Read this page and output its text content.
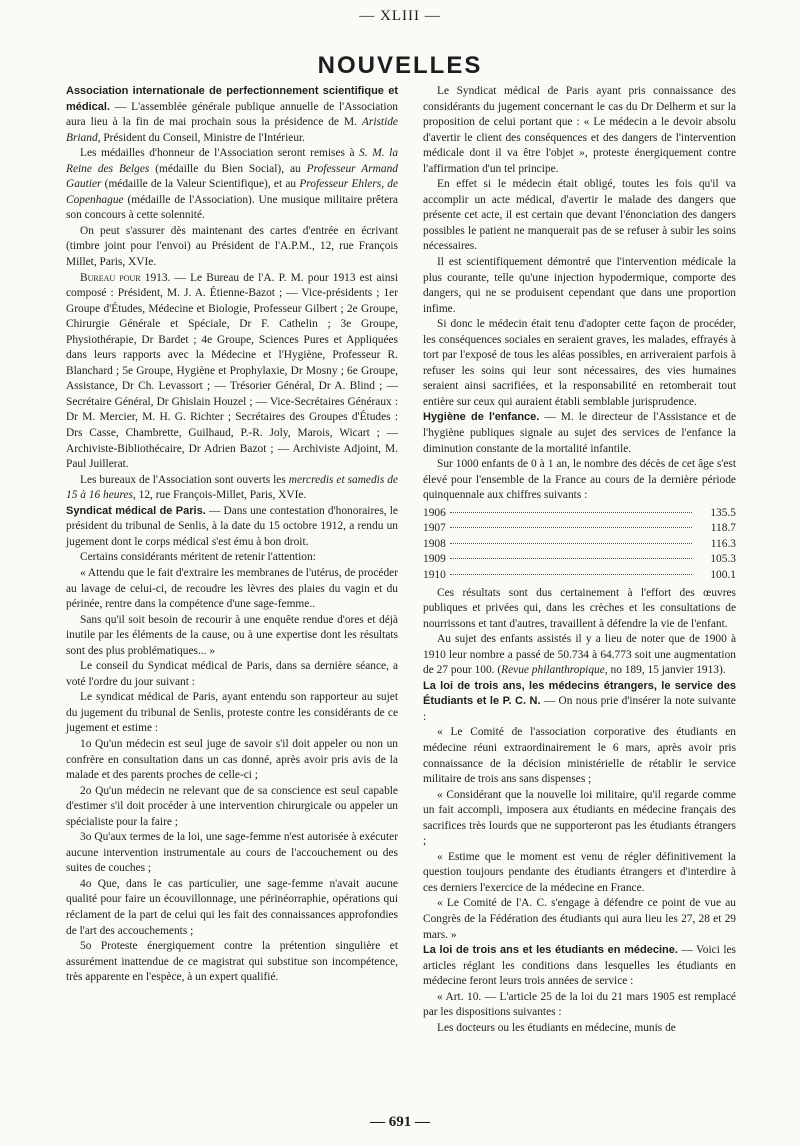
— XLIII —
NOUVELLES

Association internationale de perfectionnement scientifique et médical. — L'assemblée générale publique annuelle de l'Association aura lieu à la fin de mai prochain sous la présidence de M. Aristide Briand, Président du Conseil, Ministre de l'Intérieur.

Les médailles d'honneur de l'Association seront remises à S. M. la Reine des Belges (médaille du Bien Social), au Professeur Armand Gautier (médaille de la Valeur Scientifique), et au Professeur Ehlers, de Copenhague (médaille de l'Association). Une musique militaire prêtera son concours à cette solennité.

On peut s'assurer dès maintenant des cartes d'entrée en écrivant (timbre joint pour l'envoi) au Président de l'A.P.M., 12, rue François Millet, Paris, XVIe.

Bureau pour 1913. — Le Bureau de l'A. P. M. pour 1913 est ainsi composé : Président, M. J. A. Étienne-Bazot ; — Vice-présidents ; 1er Groupe d'Études, Médecine et Biologie, Professeur Gilbert ; 2e Groupe, Chirurgie Générale et Spéciale, Dr F. Cathelin ; 3e Groupe, Physiothérapie, Dr Bardet ; 4e Groupe, Sciences Pures et Appliquées dans leurs rapports avec la Médecine et l'Hygiène, Professeur R. Blanchard ; 5e Groupe, Hygiène et Prophylaxie, Dr Mosny ; 6e Groupe, Assistance, Dr Ch. Levassort ; — Trésorier Général, Dr A. Blind ; — Secrétaire Général, Dr Ghislain Houzel ; — Vice-Secrétaires Généraux : Dr M. Mercier, M. H. G. Richter ; Secrétaires des Groupes d'Études : Drs Casse, Chambrette, Guilhaud, P.-R. Joly, Marois, Wicart ; — Archiviste-Bibliothécaire, Dr Adrien Bazot ; — Archiviste Adjoint, M. Paul Juillerat.

Les bureaux de l'Association sont ouverts les mercredis et samedis de 15 à 16 heures, 12, rue François-Millet, Paris, XVIe.

Syndicat médical de Paris. — Dans une contestation d'honoraires, le président du tribunal de Senlis, à la date du 15 octobre 1912, a rendu un jugement dont le corps médical s'est ému à bon droit.

Certains considérants méritent de retenir l'attention:

« Attendu que le fait d'extraire les membranes de l'utérus, de procéder au lavage de celui-ci, de recoudre les lèvres des plaies du vagin et du périnée, rentre dans la compétence d'une sage-femme..

Sans qu'il soit besoin de recourir à une enquête rendue d'ores et déjà inutile par les éléments de la cause, ou à une expertise dont les résultats sont des plus problématiques... »

Le conseil du Syndicat médical de Paris, dans sa dernière séance, a voté l'ordre du jour suivant :

Le syndicat médical de Paris, ayant entendu son rapporteur au sujet du jugement du tribunal de Senlis, proteste contre les considérants de ce jugement et estime :

1o Qu'un médecin est seul juge de savoir s'il doit appeler ou non un confrère en consultation dans un cas donné, après avoir pris avis de la malade et des parents proches de celle-ci ;

2o Qu'un médecin ne relevant que de sa conscience est seul capable d'estimer s'il doit procéder à une intervention chirurgicale ou appeler un spécialiste pour la faire ;

3o Qu'aux termes de la loi, une sage-femme n'est autorisée à exécuter aucune intervention instrumentale au cours de l'accouchement ou des suites de couches ;

4o Que, dans le cas particulier, une sage-femme n'avait aucune qualité pour faire un écouvillonnage, une périnéorraphie, opérations qui réclament de la part de celui qui les fait des connaissances approfondies de l'art des accouchements ;

5o Proteste énergiquement contre la prétention singulière et assurément inattendue de ce magistrat qui substitue son incompétence, très apparente en l'espèce, à un expert qualifié.

Le Syndicat médical de Paris ayant pris connaissance des considérants du jugement concernant le cas du Dr Delherm et sur la proposition de celui portant que : « Le médecin a le devoir absolu d'avertir le client des conséquences et des dangers de l'intervention médicale dont il va être l'objet », proteste énergiquement contre l'affirmation d'un tel principe.

En effet si le médecin était obligé, toutes les fois qu'il va accomplir un acte médical, d'avertir le malade des dangers que présente cet acte, il est certain que devant l'énonciation des dangers possibles le patient ne manquerait pas de se refuser à subir les soins nécessaires.

Il est scientifiquement démontré que l'intervention médicale la plus courante, telle qu'une injection hypodermique, comporte des dangers, qui ne se produisent cependant que dans une proportion infime.

Si donc le médecin était tenu d'adopter cette façon de procéder, les conséquences sociales en seraient graves, les malades, effrayés à tort par l'exposé de tous les aléas possibles, en arriveraient parfois à refuser les soins qui leur sont nécessaires, des vies humaines seraient ainsi sacrifiées, et la responsabilité en retomberait tout entière sur ceux qui auraient établi semblable jurisprudence.

Hygiène de l'enfance. — M. le directeur de l'Assistance et de l'hygiène publiques signale au sujet des services de l'enfance la diminution constante de la mortalité infantile.

Sur 1000 enfants de 0 à 1 an, le nombre des décès de cet âge s'est élevé pour l'ensemble de la France au cours de la dernière période quinquennale aux chiffres suivants :

1906	135.5
1907	118.7
1908	116.3
1909	105.3
1910	100.1

Ces résultats sont dus certainement à l'effort des œuvres publiques et privées qui, dans les crèches et les consultations de nourrissons et tant d'autres, travaillent à défendre la vie de l'enfant.

Au sujet des enfants assistés il y a lieu de noter que de 1900 à 1910 leur nombre a passé de 50.734 à 64.773 soit une augmentation de 27 pour 100. (Revue philanthropique, no 189, 15 janvier 1913).

La loi de trois ans, les médecins étrangers, le service des Étudiants et le P. C. N. — On nous prie d'insérer la note suivante :

« Le Comité de l'association corporative des étudiants en médecine réuni extraordinairement le 6 mars, après avoir pris connaissance de la décision ministérielle de rétablir le service militaire de trois ans sans dispenses ;

« Considérant que la nouvelle loi militaire, qu'il regarde comme un fait accompli, imposera aux étudiants en médecine français des sacrifices très lourds que ne supporteront pas les étudiants étrangers ;

« Estime que le moment est venu de régler définitivement la question toujours pendante des étudiants étrangers et d'interdire à ces derniers l'exercice de la médecine en France.

« Le Comité de l'A. C. s'engage à défendre ce point de vue au Congrès de la Fédération des étudiants qui aura lieu les 27, 28 et 29 mars. »

La loi de trois ans et les étudiants en médecine. — Voici les articles réglant les conditions dans lesquelles les étudiants en médecine feront leurs trois années de service :

« Art. 10. — L'article 25 de la loi du 21 mars 1905 est remplacé par les dispositions suivantes :

Les docteurs ou les étudiants en médecine, munis de

— 691 —
